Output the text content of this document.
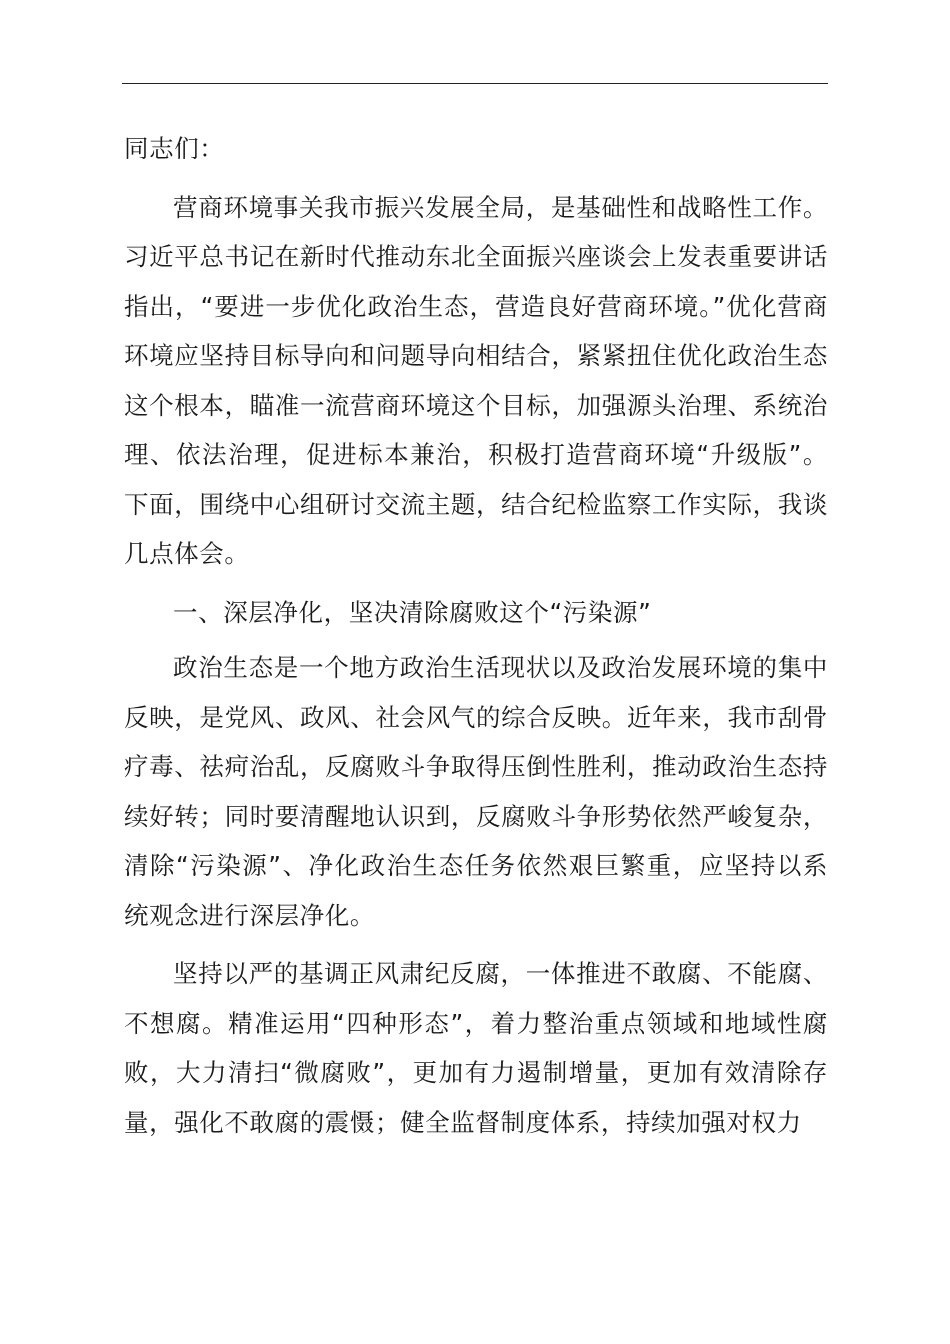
同志们：

营商环境事关我市振兴发展全局，是基础性和战略性工作。习近平总书记在新时代推动东北全面振兴座谈会上发表重要讲话指出，“要进一步优化政治生态，营造良好营商环境。”优化营商环境应坚持目标导向和问题导向相结合，紧紧扭住优化政治生态这个根本，瞄准一流营商环境这个目标，加强源头治理、系统治理、依法治理，促进标本兼治，积极打造营商环境“升级版”。下面，围绕中心组研讨交流主题，结合纪检监察工作实际，我谈几点体会。

一、深层净化，坚决清除腐败这个“污染源”

政治生态是一个地方政治生活现状以及政治发展环境的集中反映，是党风、政风、社会风气的综合反映。近年来，我市刮骨疗毒、祛疴治乱，反腐败斗争取得压倒性胜利，推动政治生态持续好转；同时要清醒地认识到，反腐败斗争形势依然严峻复杂，清除“污染源”、净化政治生态任务依然艰巨繁重，应坚持以系统观念进行深层净化。

坚持以严的基调正风肃纪反腐，一体推进不敢腐、不能腐、不想腐。精准运用“四种形态”，着力整治重点领域和地域性腐败，大力清扫“微腐败”，更加有力遏制增量，更加有效清除存量，强化不敢腐的震慑；健全监督制度体系，持续加强对权力
